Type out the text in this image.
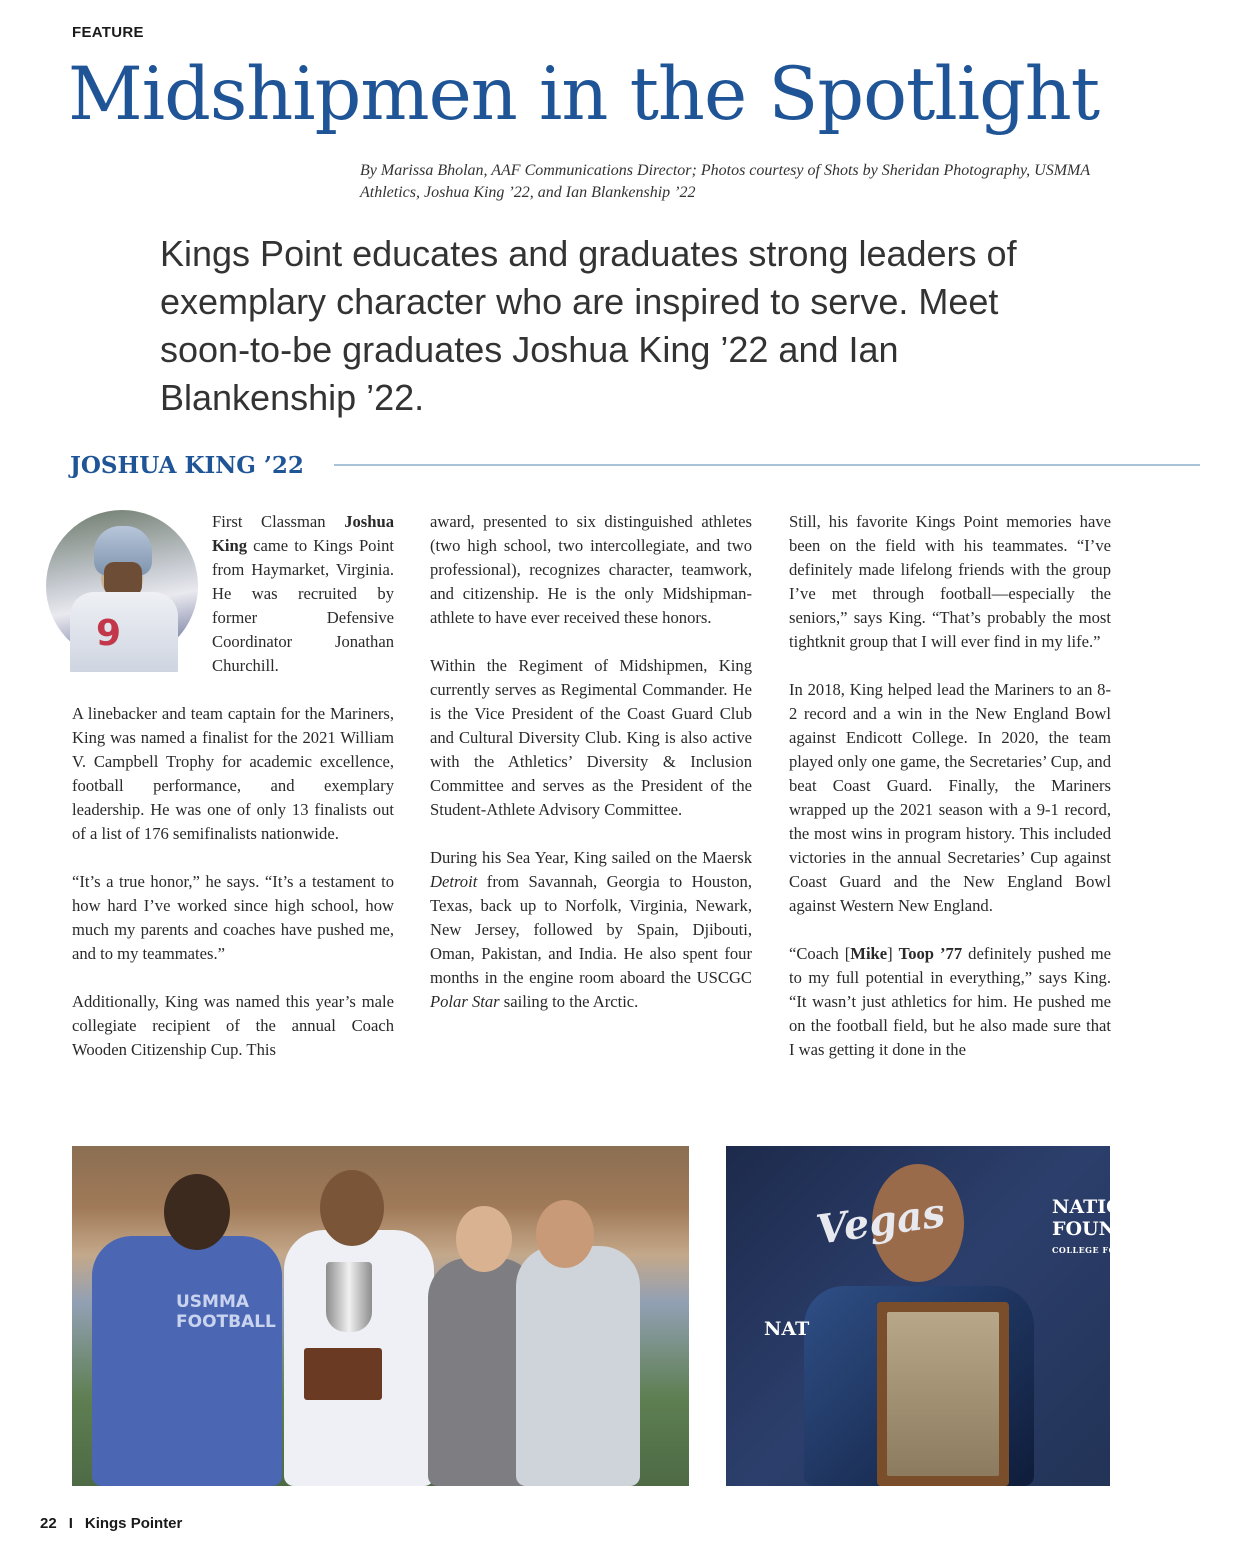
FEATURE
Midshipmen in the Spotlight
By Marissa Bholan, AAF Communications Director; Photos courtesy of Shots by Sheridan Photography, USMMA Athletics, Joshua King ’22, and Ian Blankenship ’22
Kings Point educates and graduates strong leaders of exemplary character who are inspired to serve. Meet soon-to-be graduates Joshua King ’22 and Ian Blankenship ’22.
JOSHUA KING ’22

9
First Classman Joshua King came to Kings Point from Haymarket, Virginia. He was recruited by former Defensive Coordinator Jonathan Churchill.

A linebacker and team captain for the Mariners, King was named a finalist for the 2021 William V. Campbell Trophy for academic excellence, football performance, and exemplary leadership. He was one of only 13 finalists out of a list of 176 semifinalists nationwide.

“It’s a true honor,” he says. “It’s a testament to how hard I’ve worked since high school, how much my parents and coaches have pushed me, and to my teammates.”

Additionally, King was named this year’s male collegiate recipient of the annual Coach Wooden Citizenship Cup. This

award, presented to six distinguished athletes (two high school, two intercollegiate, and two professional), recognizes character, teamwork, and citizenship. He is the only Midshipman-athlete to have ever received these honors.

Within the Regiment of Midshipmen, King currently serves as Regimental Commander. He is the Vice President of the Coast Guard Club and Cultural Diversity Club. King is also active with the Athletics’ Diversity & Inclusion Committee and serves as the President of the Student-Athlete Advisory Committee.

During his Sea Year, King sailed on the Maersk Detroit from Savannah, Georgia to Houston, Texas, back up to Norfolk, Virginia, Newark, New Jersey, followed by Spain, Djibouti, Oman, Pakistan, and India. He also spent four months in the engine room aboard the USCGC Polar Star sailing to the Arctic.

Still, his favorite Kings Point memories have been on the field with his teammates. “I’ve definitely made lifelong friends with the group I’ve met through football—especially the seniors,” says King. “That’s probably the most tightknit group that I will ever find in my life.”

In 2018, King helped lead the Mariners to an 8-2 record and a win in the New England Bowl against Endicott College. In 2020, the team played only one game, the Secretaries’ Cup, and beat Coast Guard. Finally, the Mariners wrapped up the 2021 season with a 9-1 record, the most wins in program history. This included victories in the annual Secretaries’ Cup against Coast Guard and the New England Bowl against Western New England.

“Coach [Mike] Toop ’77 definitely pushed me to my full potential in everything,” says King. “It wasn’t just athletics for him. He pushed me on the football field, but he also made sure that I was getting it done in the

USMMA FOOTBALL
Vegas	NATIONAL FOOTI
FOUNDATION
COLLEGE FOOTBALL HALL OF F
NAT
22 I Kings Pointer
